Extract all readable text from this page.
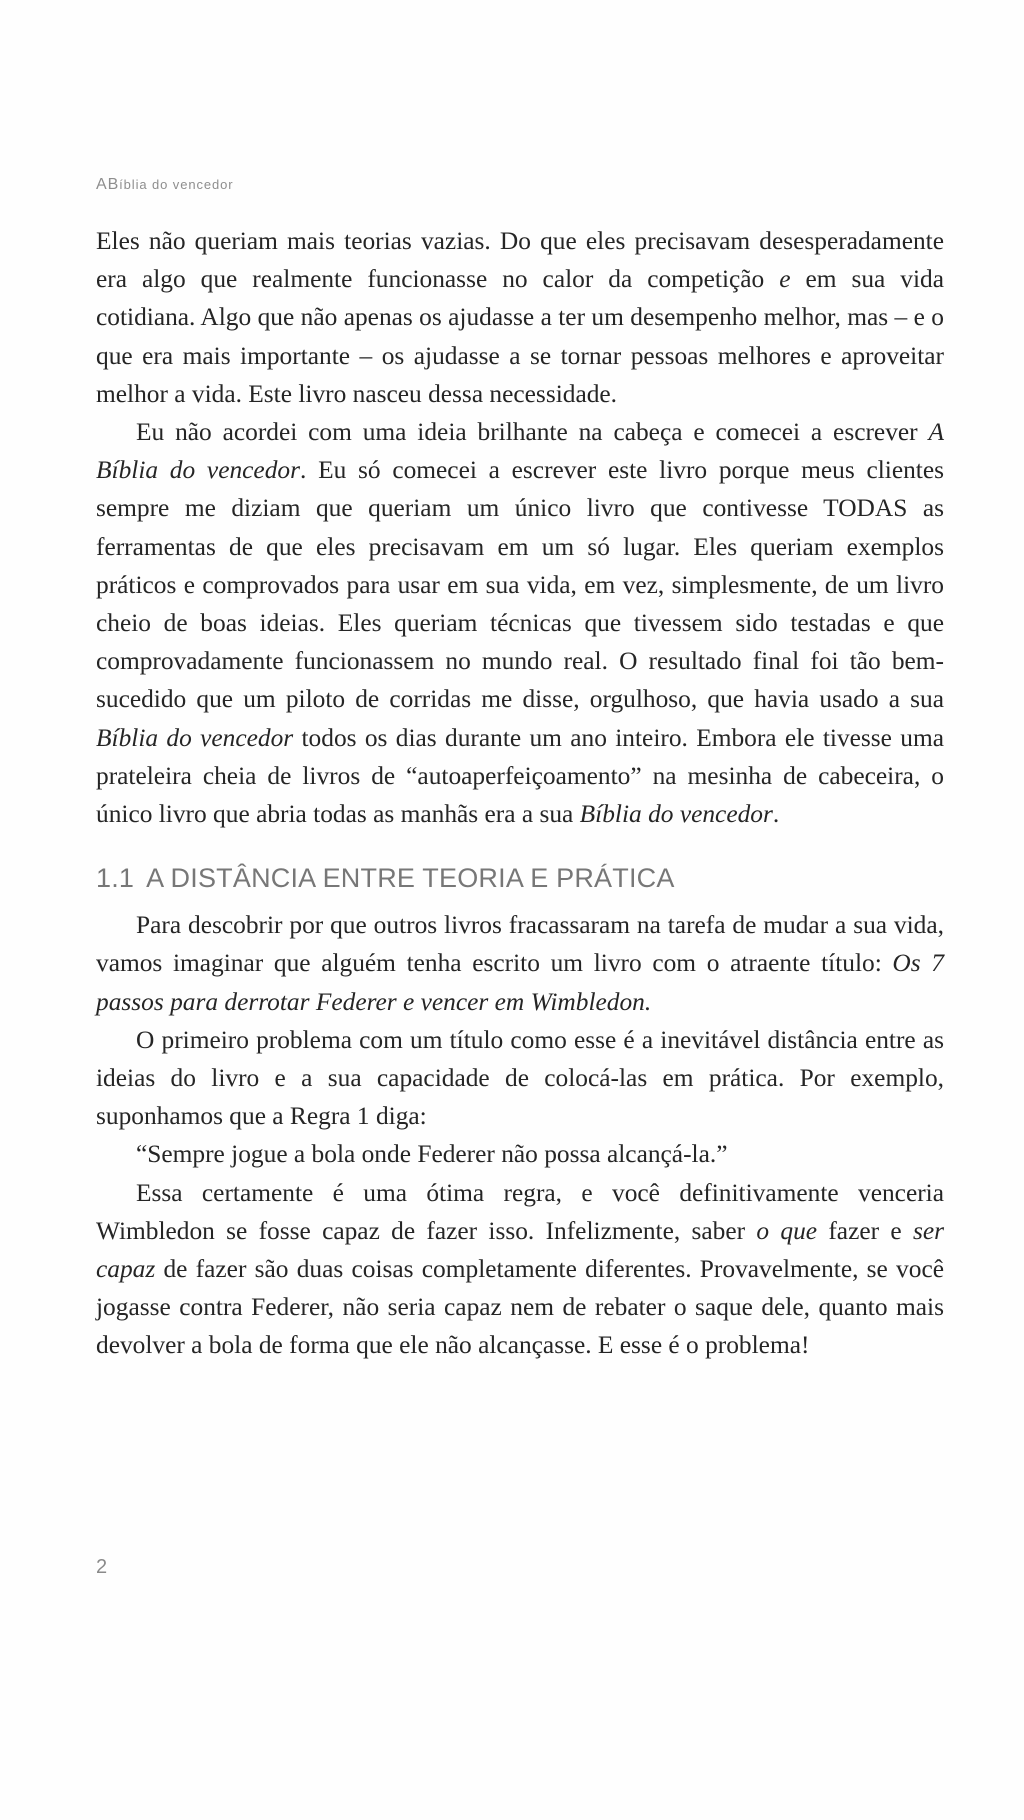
ABíblia do vencedor

Eles não queriam mais teorias vazias. Do que eles precisavam desesperadamente era algo que realmente funcionasse no calor da competição e em sua vida cotidiana. Algo que não apenas os ajudasse a ter um desempenho melhor, mas – e o que era mais importante – os ajudasse a se tornar pessoas melhores e aproveitar melhor a vida. Este livro nasceu dessa necessidade.

Eu não acordei com uma ideia brilhante na cabeça e comecei a escrever A Bíblia do vencedor. Eu só comecei a escrever este livro porque meus clientes sempre me diziam que queriam um único livro que contivesse TODAS as ferramentas de que eles precisavam em um só lugar. Eles queriam exemplos práticos e comprovados para usar em sua vida, em vez, simplesmente, de um livro cheio de boas ideias. Eles queriam técnicas que tivessem sido testadas e que comprovadamente funcionassem no mundo real. O resultado final foi tão bem-sucedido que um piloto de corridas me disse, orgulhoso, que havia usado a sua Bíblia do vencedor todos os dias durante um ano inteiro. Embora ele tivesse uma prateleira cheia de livros de “autoaperfeiçoamento” na mesinha de cabeceira, o único livro que abria todas as manhãs era a sua Bíblia do vencedor.

1.1 A DISTÂNCIA ENTRE TEORIA E PRÁTICA

Para descobrir por que outros livros fracassaram na tarefa de mudar a sua vida, vamos imaginar que alguém tenha escrito um livro com o atraente título: Os 7 passos para derrotar Federer e vencer em Wimbledon.

O primeiro problema com um título como esse é a inevitável distância entre as ideias do livro e a sua capacidade de colocá-las em prática. Por exemplo, suponhamos que a Regra 1 diga:

“Sempre jogue a bola onde Federer não possa alcançá-la.”

Essa certamente é uma ótima regra, e você definitivamente venceria Wimbledon se fosse capaz de fazer isso. Infelizmente, saber o que fazer e ser capaz de fazer são duas coisas completamente diferentes. Provavelmente, se você jogasse contra Federer, não seria capaz nem de rebater o saque dele, quanto mais devolver a bola de forma que ele não alcançasse. E esse é o problema!

2
